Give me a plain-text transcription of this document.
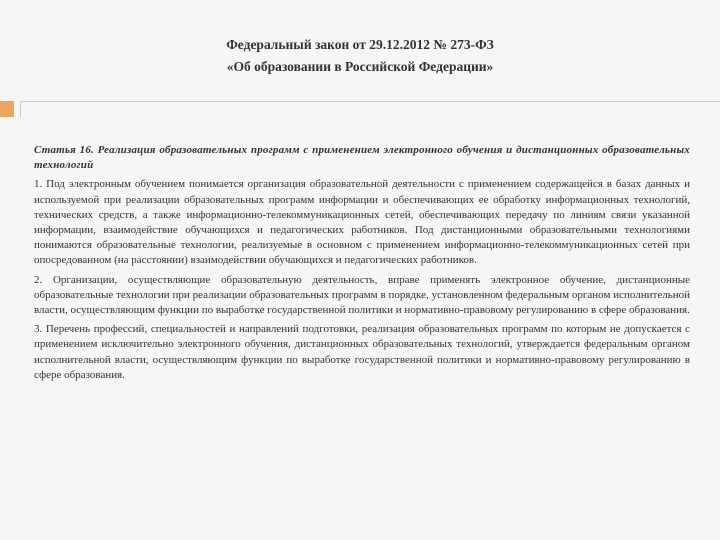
Федеральный закон от 29.12.2012 № 273-ФЗ
«Об образовании в Российской Федерации»

Статья 16. Реализация образовательных программ с применением электронного обучения и дистанционных образовательных технологий

1. Под электронным обучением понимается организация образовательной деятельности с применением содержащейся в базах данных и используемой при реализации образовательных программ информации и обеспечивающих ее обработку информационных технологий, технических средств, а также информационно-телекоммуникационных сетей, обеспечивающих передачу по линиям связи указанной информации, взаимодействие обучающихся и педагогических работников. Под дистанционными образовательными технологиями понимаются образовательные технологии, реализуемые в основном с применением информационно-телекоммуникационных сетей при опосредованном (на расстоянии) взаимодействии обучающихся и педагогических работников.

2. Организации, осуществляющие образовательную деятельность, вправе применять электронное обучение, дистанционные образовательные технологии при реализации образовательных программ в порядке, установленном федеральным органом исполнительной власти, осуществляющим функции по выработке государственной политики и нормативно-правовому регулированию в сфере образования.

3. Перечень профессий, специальностей и направлений подготовки, реализация образовательных программ по которым не допускается с применением исключительно электронного обучения, дистанционных образовательных технологий, утверждается федеральным органом исполнительной власти, осуществляющим функции по выработке государственной политики и нормативно-правовому регулированию в сфере образования.
